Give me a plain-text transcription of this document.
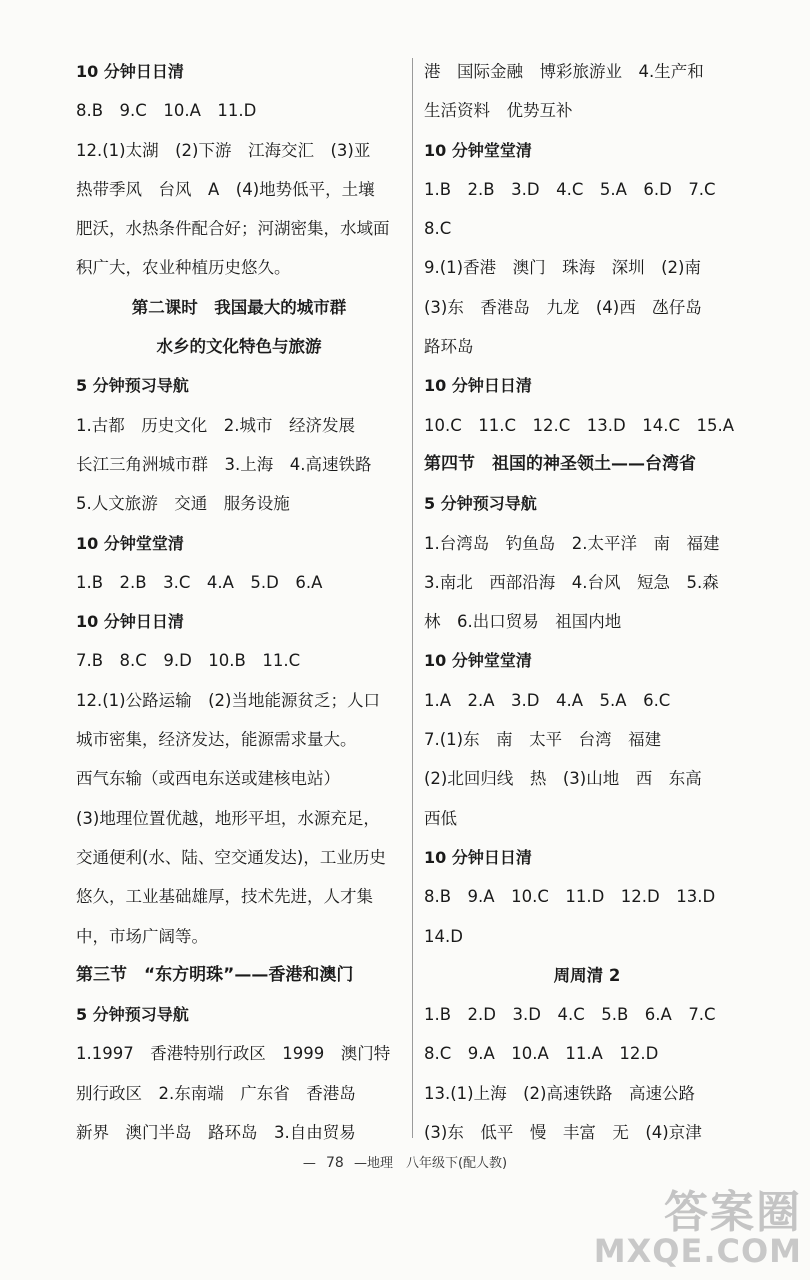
10 分钟日日清
8.B　9.C　10.A　11.D
12.(1)太湖　(2)下游　江海交汇　(3)亚
热带季风　台风　A　(4)地势低平，土壤
肥沃，水热条件配合好；河湖密集，水域面
积广大，农业种植历史悠久。
第二课时　我国最大的城市群
水乡的文化特色与旅游
5 分钟预习导航
1.古都　历史文化　2.城市　经济发展
长江三角洲城市群　3.上海　4.高速铁路
5.人文旅游　交通　服务设施
10 分钟堂堂清
1.B　2.B　3.C　4.A　5.D　6.A
10 分钟日日清
7.B　8.C　9.D　10.B　11.C
12.(1)公路运输　(2)当地能源贫乏；人口
城市密集，经济发达，能源需求量大。
西气东输（或西电东送或建核电站）
(3)地理位置优越，地形平坦，水源充足，
交通便利(水、陆、空交通发达)，工业历史
悠久，工业基础雄厚，技术先进，人才集
中，市场广阔等。
第三节　“东方明珠”——香港和澳门
5 分钟预习导航
1.1997　香港特别行政区　1999　澳门特
别行政区　2.东南端　广东省　香港岛
新界　澳门半岛　路环岛　3.自由贸易
港　国际金融　博彩旅游业　4.生产和
生活资料　优势互补
10 分钟堂堂清
1.B　2.B　3.D　4.C　5.A　6.D　7.C
8.C
9.(1)香港　澳门　珠海　深圳　(2)南
(3)东　香港岛　九龙　(4)西　氹仔岛
路环岛
10 分钟日日清
10.C　11.C　12.C　13.D　14.C　15.A
第四节　祖国的神圣领土——台湾省
5 分钟预习导航
1.台湾岛　钓鱼岛　2.太平洋　南　福建
3.南北　西部沿海　4.台风　短急　5.森
林　6.出口贸易　祖国内地
10 分钟堂堂清
1.A　2.A　3.D　4.A　5.A　6.C
7.(1)东　南　太平　台湾　福建
(2)北回归线　热　(3)山地　西　东高
西低
10 分钟日日清
8.B　9.A　10.C　11.D　12.D　13.D
14.D
周周清 2
1.B　2.D　3.D　4.C　5.B　6.A　7.C
8.C　9.A　10.A　11.A　12.D
13.(1)上海　(2)高速铁路　高速公路
(3)东　低平　慢　丰富　无　(4)京津
— 78 —地理　八年级下(配人教)
答案圈
MXQE.COM
